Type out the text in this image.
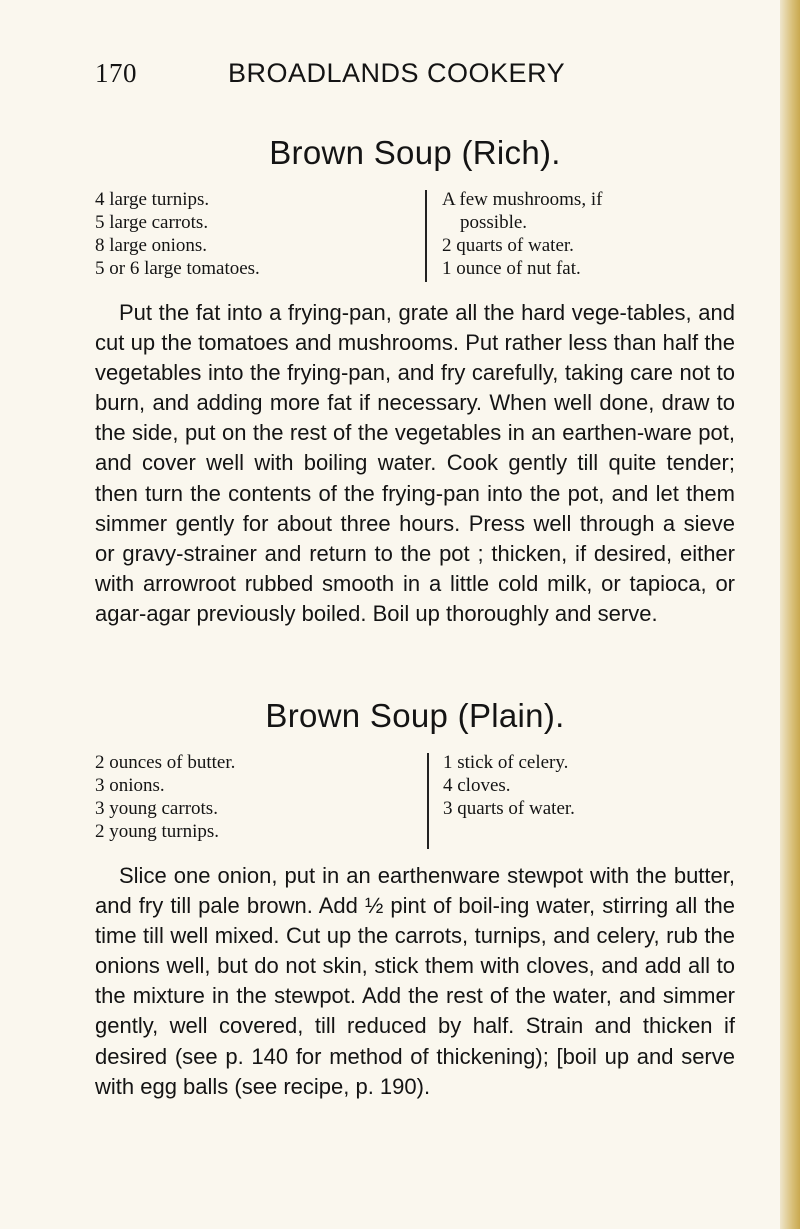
170	BROADLANDS COOKERY
Brown Soup (Rich).
4 large turnips.
5 large carrots.
8 large onions.
5 or 6 large tomatoes.
A few mushrooms, if
possible.
2 quarts of water.
1 ounce of nut fat.

Put the fat into a frying-pan, grate all the hard vege-tables, and cut up the tomatoes and mushrooms. Put rather less than half the vegetables into the frying-pan, and fry carefully, taking care not to burn, and adding more fat if necessary. When well done, draw to the side, put on the rest of the vegetables in an earthen-ware pot, and cover well with boiling water. Cook gently till quite tender; then turn the contents of the frying-pan into the pot, and let them simmer gently for about three hours. Press well through a sieve or gravy-strainer and return to the pot ; thicken, if desired, either with arrowroot rubbed smooth in a little cold milk, or tapioca, or agar-agar previously boiled. Boil up thoroughly and serve.

Brown Soup (Plain).
2 ounces of butter.
3 onions.
3 young carrots.
2 young turnips.
1 stick of celery.
4 cloves.
3 quarts of water.

Slice one onion, put in an earthenware stewpot with the butter, and fry till pale brown. Add ½ pint of boil-ing water, stirring all the time till well mixed. Cut up the carrots, turnips, and celery, rub the onions well, but do not skin, stick them with cloves, and add all to the mixture in the stewpot. Add the rest of the water, and simmer gently, well covered, till reduced by half. Strain and thicken if desired (see p. 140 for method of thickening); [boil up and serve with egg balls (see recipe, p. 190).
